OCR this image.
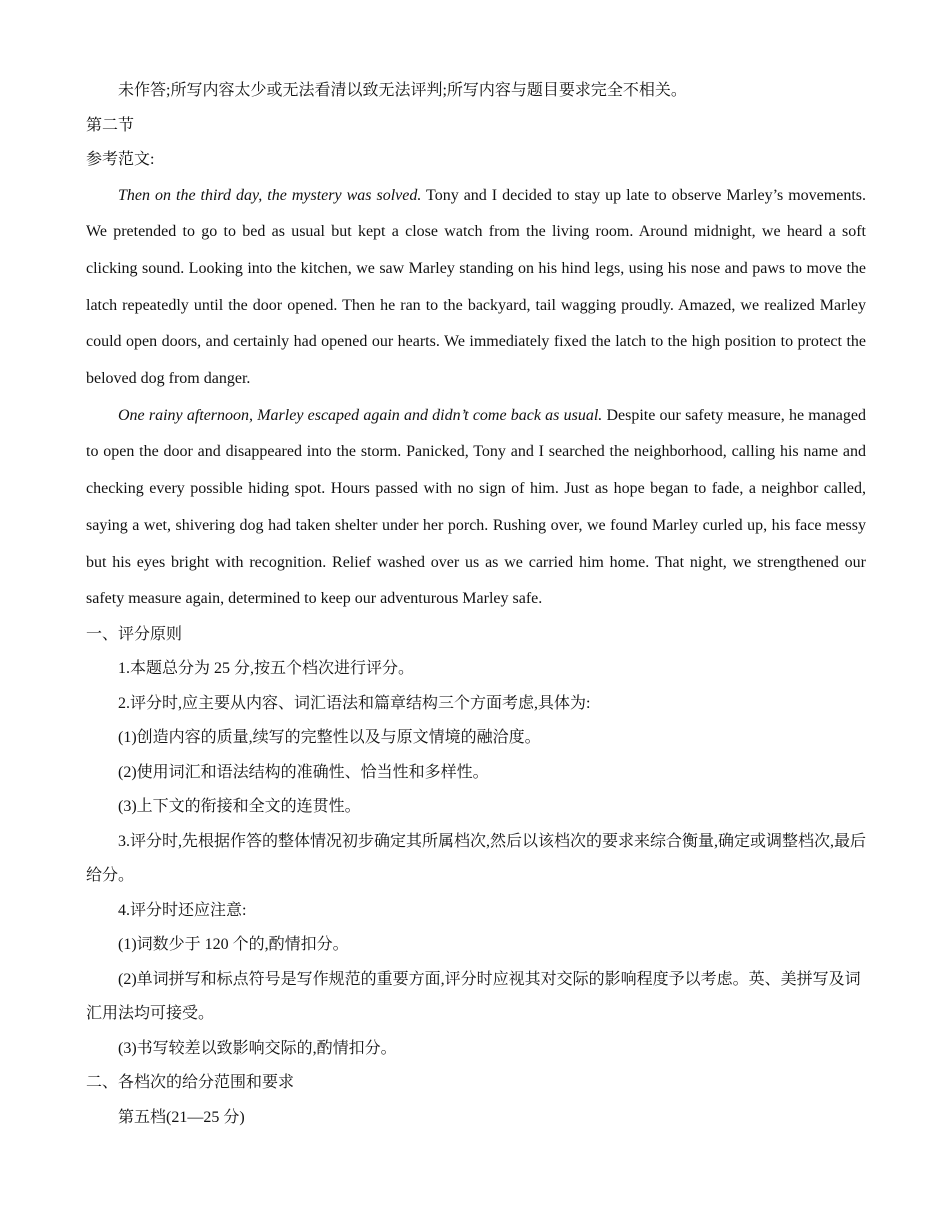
未作答;所写内容太少或无法看清以致无法评判;所写内容与题目要求完全不相关。

第二节

参考范文:

Then on the third day, the mystery was solved. Tony and I decided to stay up late to observe Marley’s movements. We pretended to go to bed as usual but kept a close watch from the living room. Around midnight, we heard a soft clicking sound. Looking into the kitchen, we saw Marley standing on his hind legs, using his nose and paws to move the latch repeatedly until the door opened. Then he ran to the backyard, tail wagging proudly. Amazed, we realized Marley could open doors, and certainly had opened our hearts. We immediately fixed the latch to the high position to protect the beloved dog from danger.

One rainy afternoon, Marley escaped again and didn’t come back as usual. Despite our safety measure, he managed to open the door and disappeared into the storm. Panicked, Tony and I searched the neighborhood, calling his name and checking every possible hiding spot. Hours passed with no sign of him. Just as hope began to fade, a neighbor called, saying a wet, shivering dog had taken shelter under her porch. Rushing over, we found Marley curled up, his face messy but his eyes bright with recognition. Relief washed over us as we carried him home. That night, we strengthened our safety measure again, determined to keep our adventurous Marley safe.

一、评分原则

1.本题总分为 25 分,按五个档次进行评分。

2.评分时,应主要从内容、词汇语法和篇章结构三个方面考虑,具体为:

(1)创造内容的质量,续写的完整性以及与原文情境的融洽度。

(2)使用词汇和语法结构的准确性、恰当性和多样性。

(3)上下文的衔接和全文的连贯性。

3.评分时,先根据作答的整体情况初步确定其所属档次,然后以该档次的要求来综合衡量,确定或调整档次,最后给分。

4.评分时还应注意:

(1)词数少于 120 个的,酌情扣分。

(2)单词拼写和标点符号是写作规范的重要方面,评分时应视其对交际的影响程度予以考虑。英、美拼写及词汇用法均可接受。

(3)书写较差以致影响交际的,酌情扣分。

二、各档次的给分范围和要求

第五档(21—25 分)
